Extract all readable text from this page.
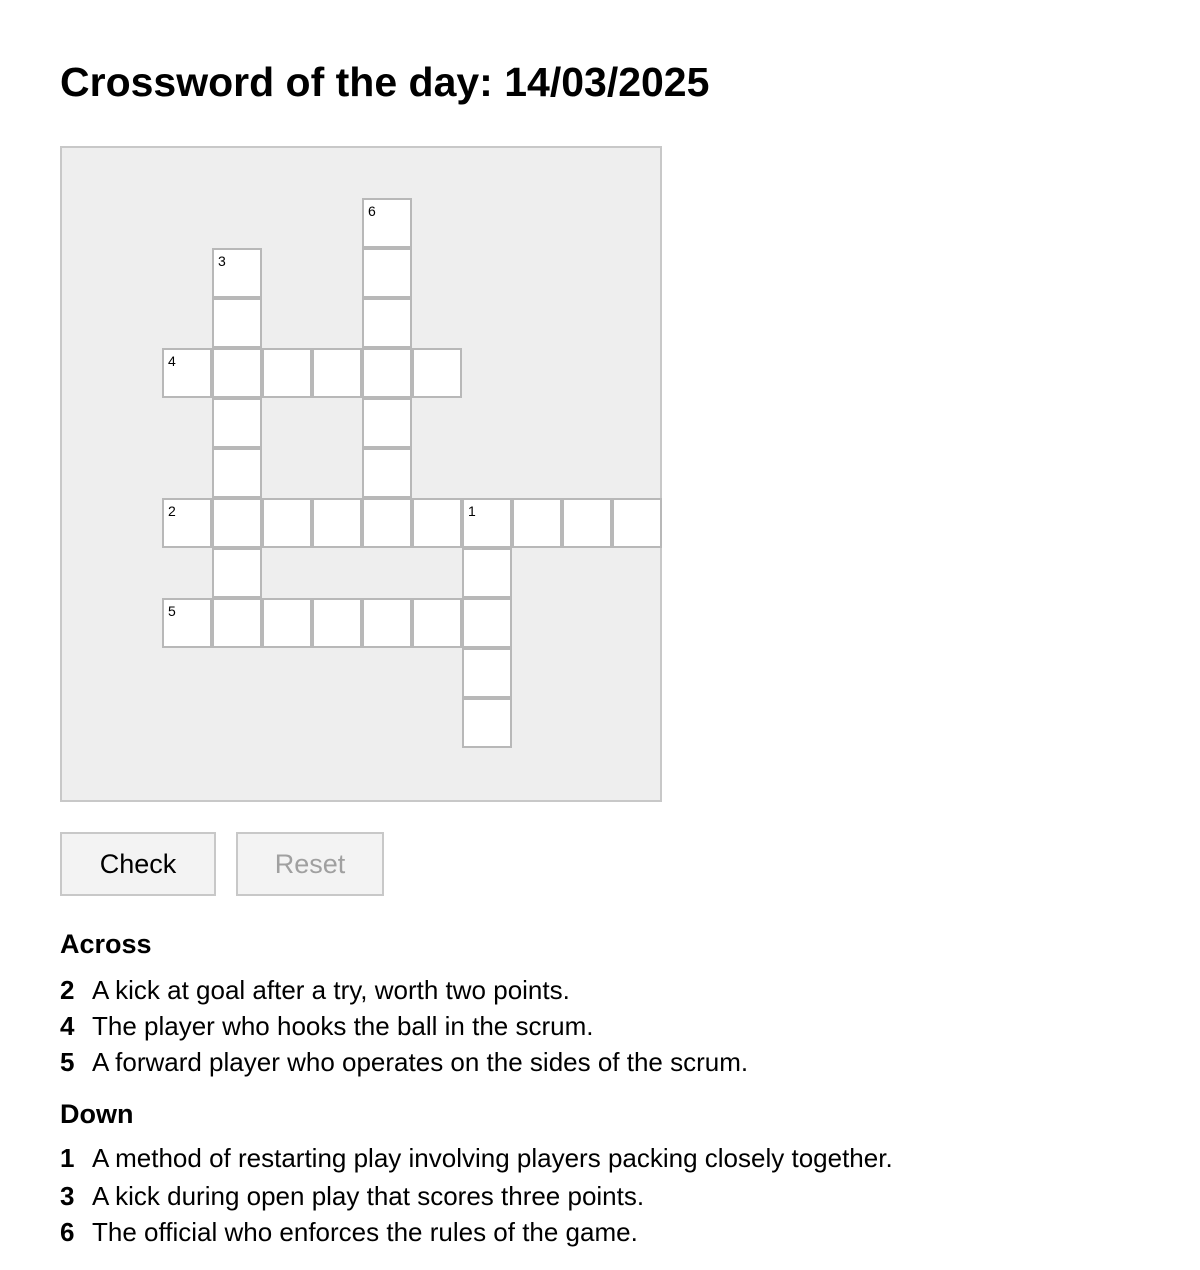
Crossword of the day: 14/03/2025
6
3
4
2	1
5
Check	Reset
Across
2 A kick at goal after a try, worth two points.
4 The player who hooks the ball in the scrum.
5 A forward player who operates on the sides of the scrum.
Down
1 A method of restarting play involving players packing closely together.
3 A kick during open play that scores three points.
6 The official who enforces the rules of the game.
